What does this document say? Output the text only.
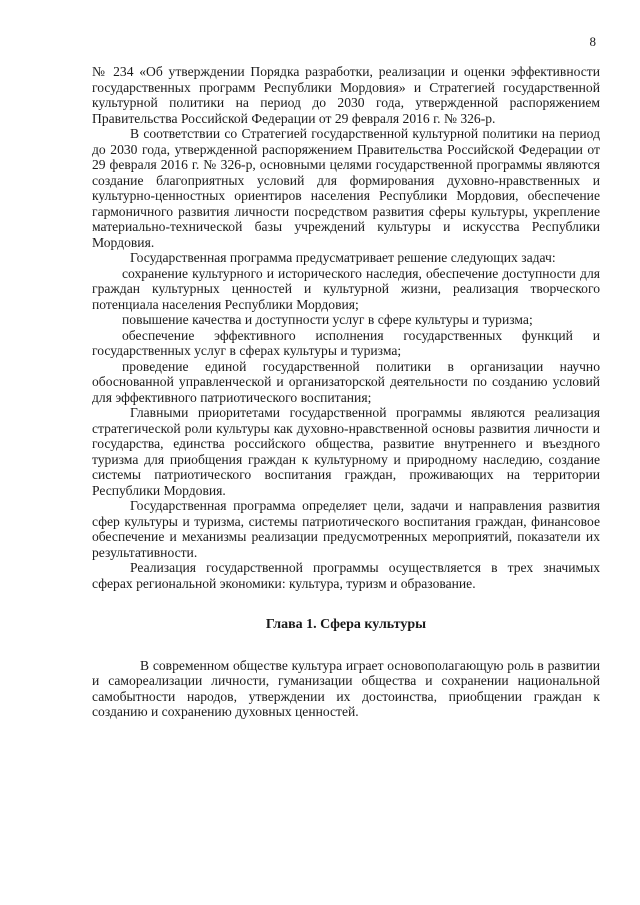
8

№ 234 «Об утверждении Порядка разработки, реализации и оценки эффективности государственных программ Республики Мордовия» и Стратегией государственной культурной политики на период до 2030 года, утвержденной распоряжением Правительства Российской Федерации от 29 февраля 2016 г. № 326-р.

В соответствии со Стратегией государственной культурной политики на период до 2030 года, утвержденной распоряжением Правительства Российской Федерации от 29 февраля 2016 г. № 326-р, основными целями государственной программы являются создание благоприятных условий для формирования духовно-нравственных и культурно-ценностных ориентиров населения Республики Мордовия, обеспечение гармоничного развития личности посредством развития сферы культуры, укрепление материально-технической базы учреждений культуры и искусства Республики Мордовия.

Государственная программа предусматривает решение следующих задач:

сохранение культурного и исторического наследия, обеспечение доступности для граждан культурных ценностей и культурной жизни, реализация творческого потенциала населения Республики Мордовия;

повышение качества и доступности услуг в сфере культуры и туризма;

обеспечение эффективного исполнения государственных функций и государственных услуг в сферах культуры и туризма;

проведение единой государственной политики в организации научно обоснованной управленческой и организаторской деятельности по созданию условий для эффективного патриотического воспитания;

Главными приоритетами государственной программы являются реализация стратегической роли культуры как духовно-нравственной основы развития личности и государства, единства российского общества, развитие внутреннего и въездного туризма для приобщения граждан к культурному и природному наследию, создание системы патриотического воспитания граждан, проживающих на территории Республики Мордовия.

Государственная программа определяет цели, задачи и направления развития сфер культуры и туризма, системы патриотического воспитания граждан, финансовое обеспечение и механизмы реализации предусмотренных мероприятий, показатели их результативности.

Реализация государственной программы осуществляется в трех значимых сферах региональной экономики: культура, туризм и образование.

Глава 1. Сфера культуры

В современном обществе культура играет основополагающую роль в развитии и самореализации личности, гуманизации общества и сохранении национальной самобытности народов, утверждении их достоинства, приобщении граждан к созданию и сохранению духовных ценностей.
